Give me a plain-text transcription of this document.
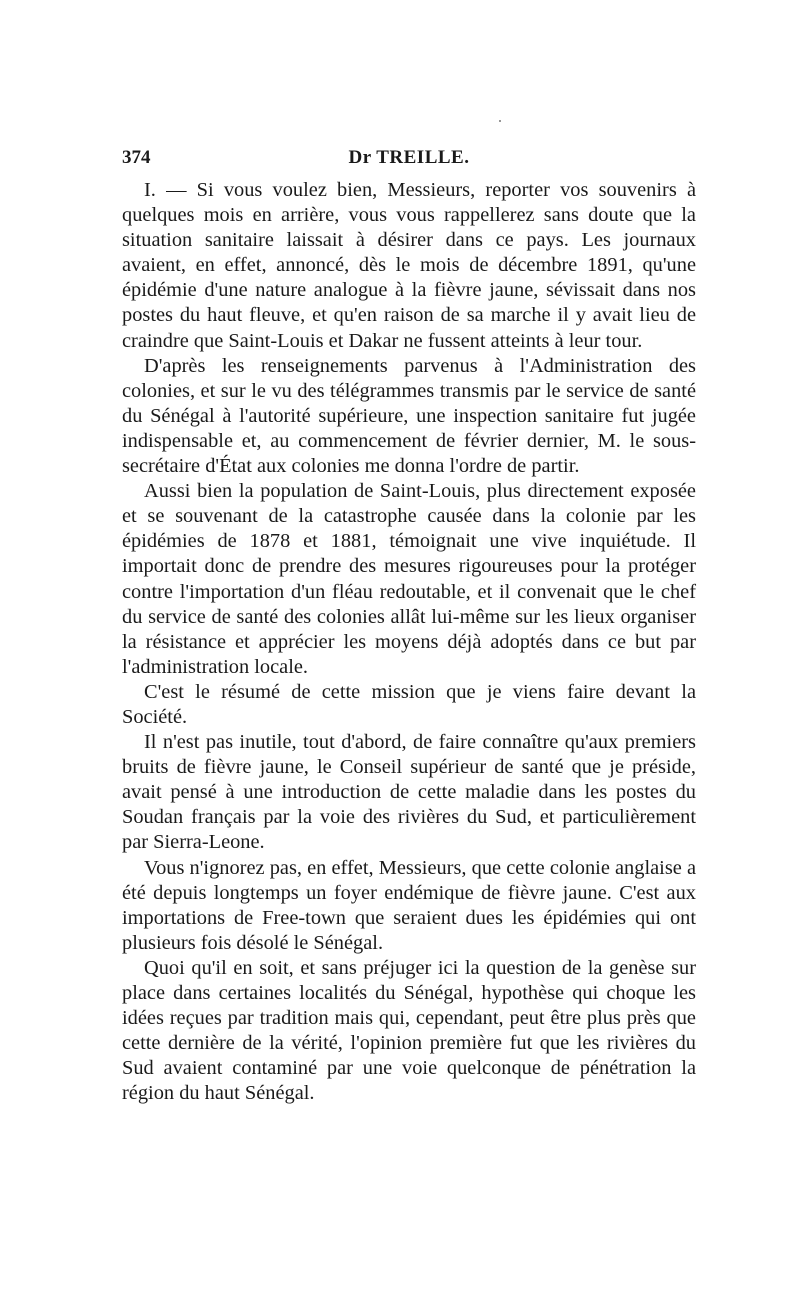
374	Dr TREILLE.

I. — Si vous voulez bien, Messieurs, reporter vos souvenirs à quelques mois en arrière, vous vous rappellerez sans doute que la situation sanitaire laissait à désirer dans ce pays. Les journaux avaient, en effet, annoncé, dès le mois de décembre 1891, qu'une épidémie d'une nature analogue à la fièvre jaune, sévissait dans nos postes du haut fleuve, et qu'en raison de sa marche il y avait lieu de craindre que Saint-Louis et Dakar ne fussent atteints à leur tour.

D'après les renseignements parvenus à l'Administration des colonies, et sur le vu des télégrammes transmis par le service de santé du Sénégal à l'autorité supérieure, une inspection sanitaire fut jugée indispensable et, au commencement de février dernier, M. le sous-secrétaire d'État aux colonies me donna l'ordre de partir.

Aussi bien la population de Saint-Louis, plus directement exposée et se souvenant de la catastrophe causée dans la colonie par les épidémies de 1878 et 1881, témoignait une vive inquiétude. Il importait donc de prendre des mesures rigoureuses pour la protéger contre l'importation d'un fléau redoutable, et il convenait que le chef du service de santé des colonies allât lui-même sur les lieux organiser la résistance et apprécier les moyens déjà adoptés dans ce but par l'administration locale.

C'est le résumé de cette mission que je viens faire devant la Société.

Il n'est pas inutile, tout d'abord, de faire connaître qu'aux premiers bruits de fièvre jaune, le Conseil supérieur de santé que je préside, avait pensé à une introduction de cette maladie dans les postes du Soudan français par la voie des rivières du Sud, et particulièrement par Sierra-Leone.

Vous n'ignorez pas, en effet, Messieurs, que cette colonie anglaise a été depuis longtemps un foyer endémique de fièvre jaune. C'est aux importations de Free-town que seraient dues les épidémies qui ont plusieurs fois désolé le Sénégal.

Quoi qu'il en soit, et sans préjuger ici la question de la genèse sur place dans certaines localités du Sénégal, hypothèse qui choque les idées reçues par tradition mais qui, cependant, peut être plus près que cette dernière de la vérité, l'opinion première fut que les rivières du Sud avaient contaminé par une voie quelconque de pénétration la région du haut Sénégal.
